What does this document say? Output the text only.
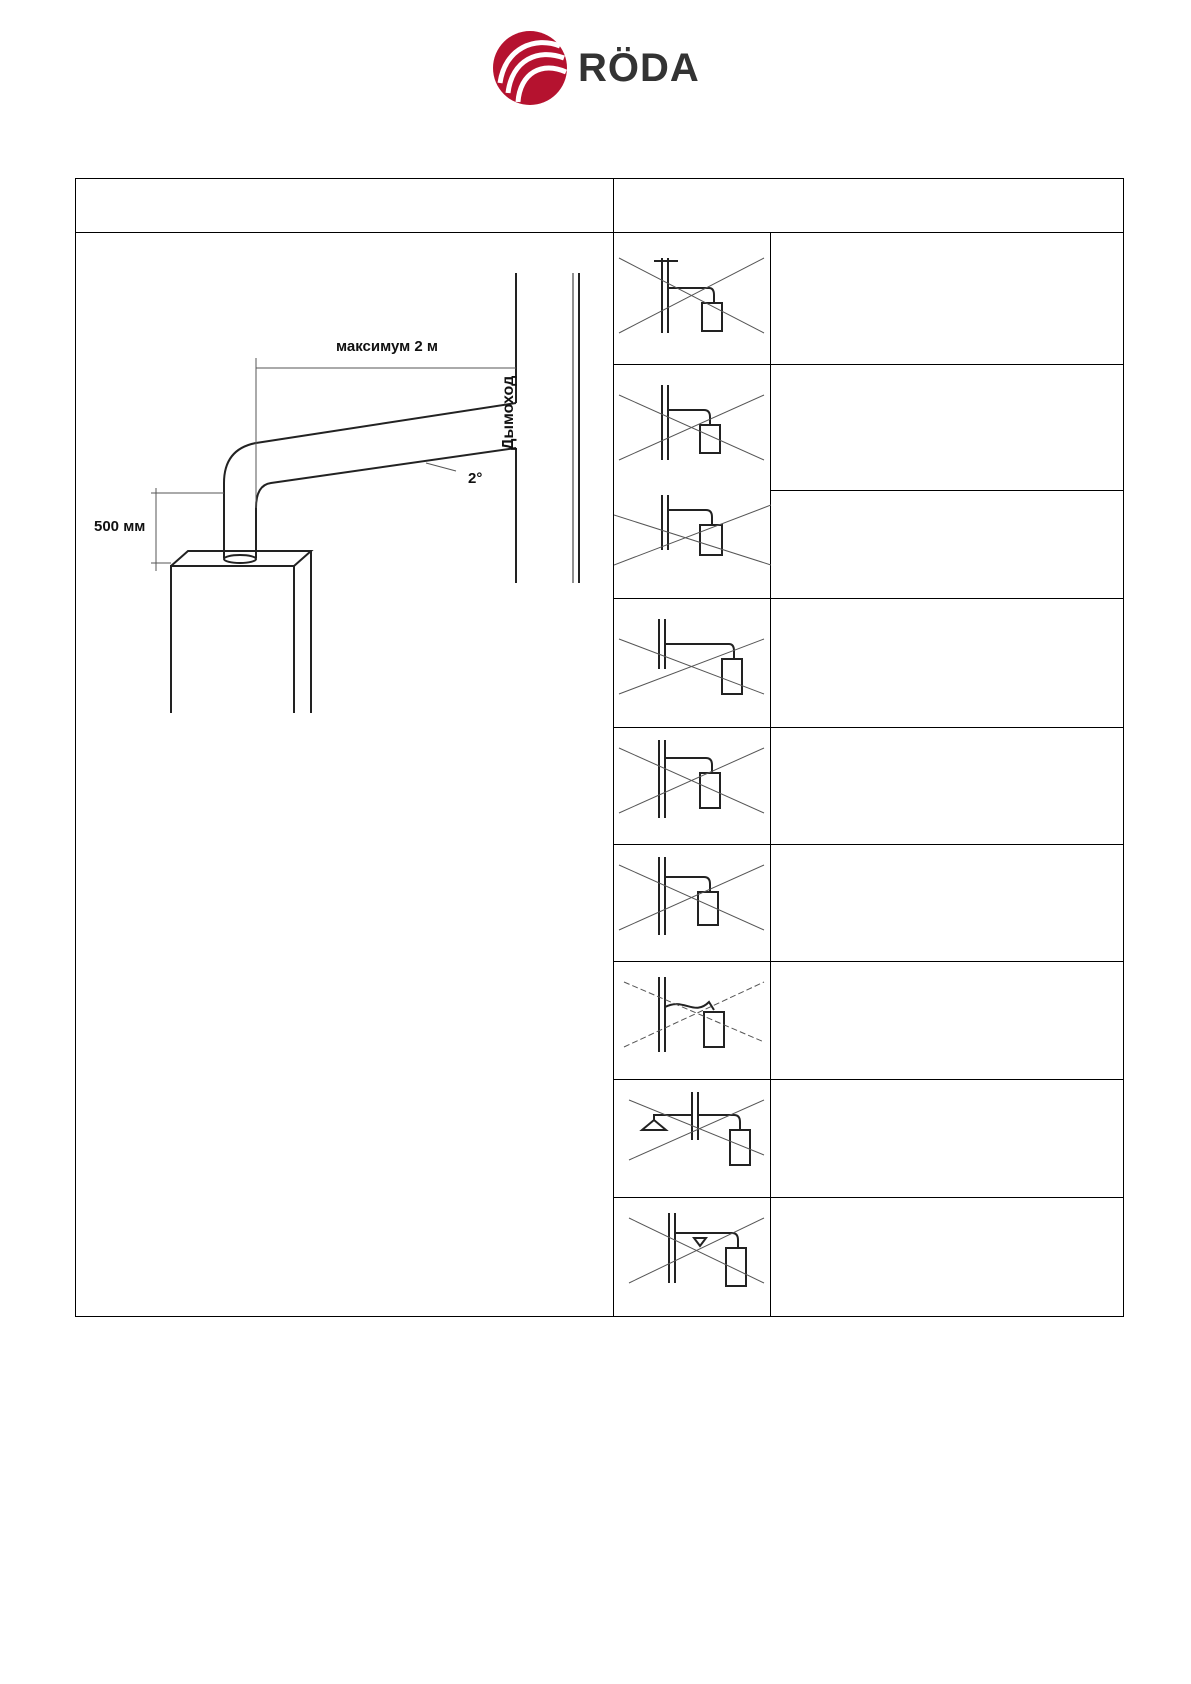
RÖDA

максимум 2 м
Дымоход
2°
500 мм
